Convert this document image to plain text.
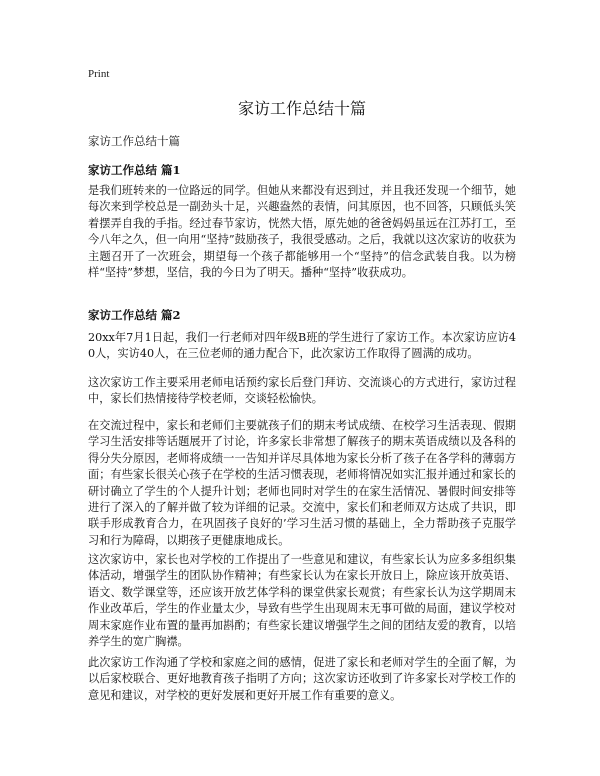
Print
家访工作总结十篇
家访工作总结十篇
家访工作总结 篇1

是我们班转来的一位路远的同学。但她从来都没有迟到过，并且我还发现一个细节，她每次来到学校总是一副劲头十足，兴趣盎然的表情，问其原因，也不回答，只顾低头笑着摆弄自我的手指。经过春节家访，恍然大悟，原先她的爸爸妈妈虽远在江苏打工，至今八年之久，但一向用“坚持”鼓励孩子，我很受感动。之后，我就以这次家访的收获为主题召开了一次班会，期望每一个孩子都能够用一个“坚持”的信念武装自我。以为榜样“坚持”梦想，坚信，我的今日为了明天。播种“坚持”收获成功。

家访工作总结 篇2

20xx年7月1日起，我们一行老师对四年级B班的学生进行了家访工作。本次家访应访40人，实访40人，在三位老师的通力配合下，此次家访工作取得了圆满的成功。

这次家访工作主要采用老师电话预约家长后登门拜访、交流谈心的方式进行，家访过程中，家长们热情接待学校老师，交谈轻松愉快。

在交流过程中，家长和老师们主要就孩子们的期末考试成绩、在校学习生活表现、假期学习生活安排等话题展开了讨论，许多家长非常想了解孩子的期末英语成绩以及各科的得分失分原因，老师将成绩一一告知并详尽具体地为家长分析了孩子在各学科的薄弱方面；有些家长很关心孩子在学校的生活习惯表现，老师将情况如实汇报并通过和家长的研讨确立了学生的个人提升计划；老师也同时对学生的在家生活情况、暑假时间安排等进行了深入的了解并做了较为详细的记录。交流中，家长们和老师双方达成了共识，即联手形成教育合力，在巩固孩子良好的’学习生活习惯的基础上，全力帮助孩子克服学习和行为障碍，以期孩子更健康地成长。

这次家访中，家长也对学校的工作提出了一些意见和建议，有些家长认为应多多组织集体活动，增强学生的团队协作精神；有些家长认为在家长开放日上，除应该开放英语、语文、数学课堂等，还应该开放艺体学科的课堂供家长观赏；有些家长认为这学期周末作业改革后，学生的作业量太少，导致有些学生出现周末无事可做的局面，建议学校对周末家庭作业布置的量再加斟酌；有些家长建议增强学生之间的团结友爱的教育，以培养学生的宽广胸襟。

此次家访工作沟通了学校和家庭之间的感情，促进了家长和老师对学生的全面了解，为以后家校联合、更好地教育孩子指明了方向；这次家访还收到了许多家长对学校工作的意见和建议，对学校的更好发展和更好开展工作有重要的意义。
